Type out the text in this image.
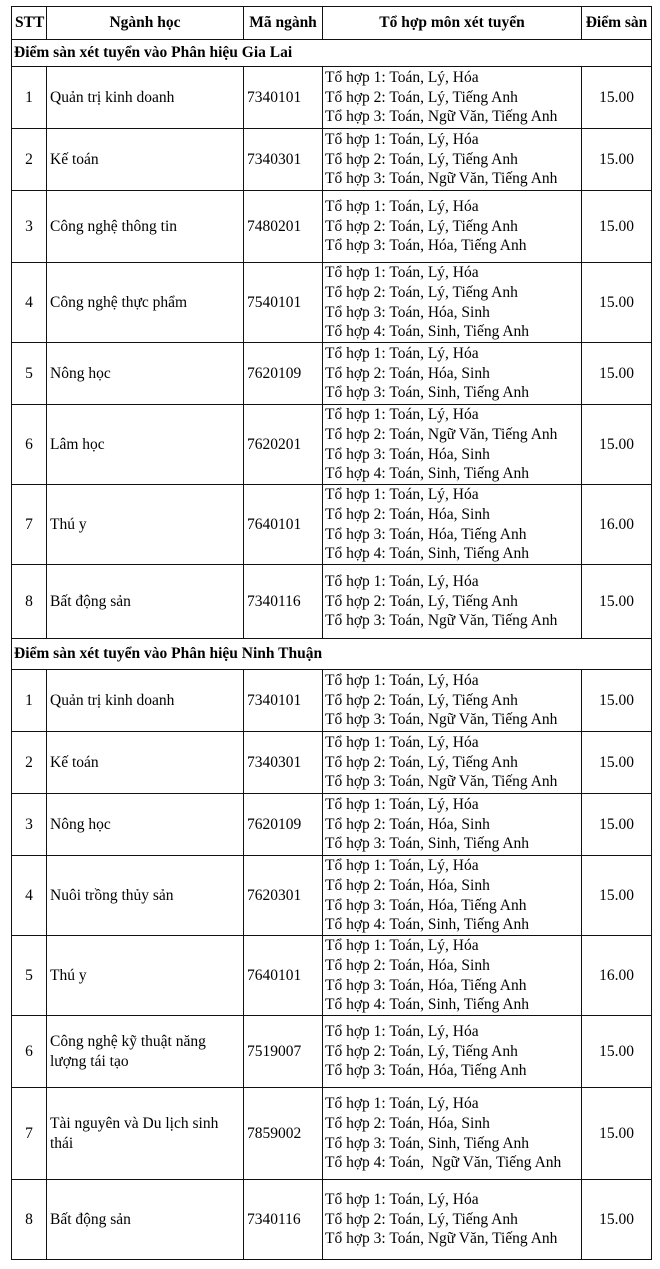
STT	Ngành học	Mã ngành	Tổ hợp môn xét tuyển	Điểm sàn
Điểm sàn xét tuyển vào Phân hiệu Gia Lai				
1	Quản trị kinh doanh	7340101	Tổ hợp 1: Toán, Lý, Hóa
Tổ hợp 2: Toán, Lý, Tiếng Anh
Tổ hợp 3: Toán, Ngữ Văn, Tiếng Anh	15.00
2	Kế toán	7340301	Tổ hợp 1: Toán, Lý, Hóa
Tổ hợp 2: Toán, Lý, Tiếng Anh
Tổ hợp 3: Toán, Ngữ Văn, Tiếng Anh	15.00
3	Công nghệ thông tin	7480201	Tổ hợp 1: Toán, Lý, Hóa
Tổ hợp 2: Toán, Lý, Tiếng Anh
Tổ hợp 3: Toán, Hóa, Tiếng Anh	15.00
4	Công nghệ thực phẩm	7540101	Tổ hợp 1: Toán, Lý, Hóa
Tổ hợp 2: Toán, Lý, Tiếng Anh
Tổ hợp 3: Toán, Hóa, Sinh
Tổ hợp 4: Toán, Sinh, Tiếng Anh	15.00
5	Nông học	7620109	Tổ hợp 1: Toán, Lý, Hóa
Tổ hợp 2: Toán, Hóa, Sinh
Tổ hợp 3: Toán, Sinh, Tiếng Anh	15.00
6	Lâm học	7620201	Tổ hợp 1: Toán, Lý, Hóa
Tổ hợp 2: Toán, Ngữ Văn, Tiếng Anh
Tổ hợp 3: Toán, Hóa, Sinh
Tổ hợp 4: Toán, Sinh, Tiếng Anh	15.00
7	Thú y	7640101	Tổ hợp 1: Toán, Lý, Hóa
Tổ hợp 2: Toán, Hóa, Sinh
Tổ hợp 3: Toán, Hóa, Tiếng Anh
Tổ hợp 4: Toán, Sinh, Tiếng Anh	16.00
8	Bất động sản	7340116	Tổ hợp 1: Toán, Lý, Hóa
Tổ hợp 2: Toán, Lý, Tiếng Anh
Tổ hợp 3: Toán, Ngữ Văn, Tiếng Anh	15.00
Điểm sàn xét tuyển vào Phân hiệu Ninh Thuận				
1	Quản trị kinh doanh	7340101	Tổ hợp 1: Toán, Lý, Hóa
Tổ hợp 2: Toán, Lý, Tiếng Anh
Tổ hợp 3: Toán, Ngữ Văn, Tiếng Anh	15.00
2	Kế toán	7340301	Tổ hợp 1: Toán, Lý, Hóa
Tổ hợp 2: Toán, Lý, Tiếng Anh
Tổ hợp 3: Toán, Ngữ Văn, Tiếng Anh	15.00
3	Nông học	7620109	Tổ hợp 1: Toán, Lý, Hóa
Tổ hợp 2: Toán, Hóa, Sinh
Tổ hợp 3: Toán, Sinh, Tiếng Anh	15.00
4	Nuôi trồng thủy sản	7620301	Tổ hợp 1: Toán, Lý, Hóa
Tổ hợp 2: Toán, Hóa, Sinh
Tổ hợp 3: Toán, Hóa, Tiếng Anh
Tổ hợp 4: Toán, Sinh, Tiếng Anh	15.00
5	Thú y	7640101	Tổ hợp 1: Toán, Lý, Hóa
Tổ hợp 2: Toán, Hóa, Sinh
Tổ hợp 3: Toán, Hóa, Tiếng Anh
Tổ hợp 4: Toán, Sinh, Tiếng Anh	16.00
6	Công nghệ kỹ thuật năng lượng tái tạo	7519007	Tổ hợp 1: Toán, Lý, Hóa
Tổ hợp 2: Toán, Lý, Tiếng Anh
Tổ hợp 3: Toán, Hóa, Tiếng Anh	15.00
7	Tài nguyên và Du lịch sinh thái	7859002	Tổ hợp 1: Toán, Lý, Hóa
Tổ hợp 2: Toán, Hóa, Sinh
Tổ hợp 3: Toán, Sinh, Tiếng Anh
Tổ hợp 4: Toán,  Ngữ Văn, Tiếng Anh	15.00
8	Bất động sản	7340116	Tổ hợp 1: Toán, Lý, Hóa
Tổ hợp 2: Toán, Lý, Tiếng Anh
Tổ hợp 3: Toán, Ngữ Văn, Tiếng Anh	15.00
